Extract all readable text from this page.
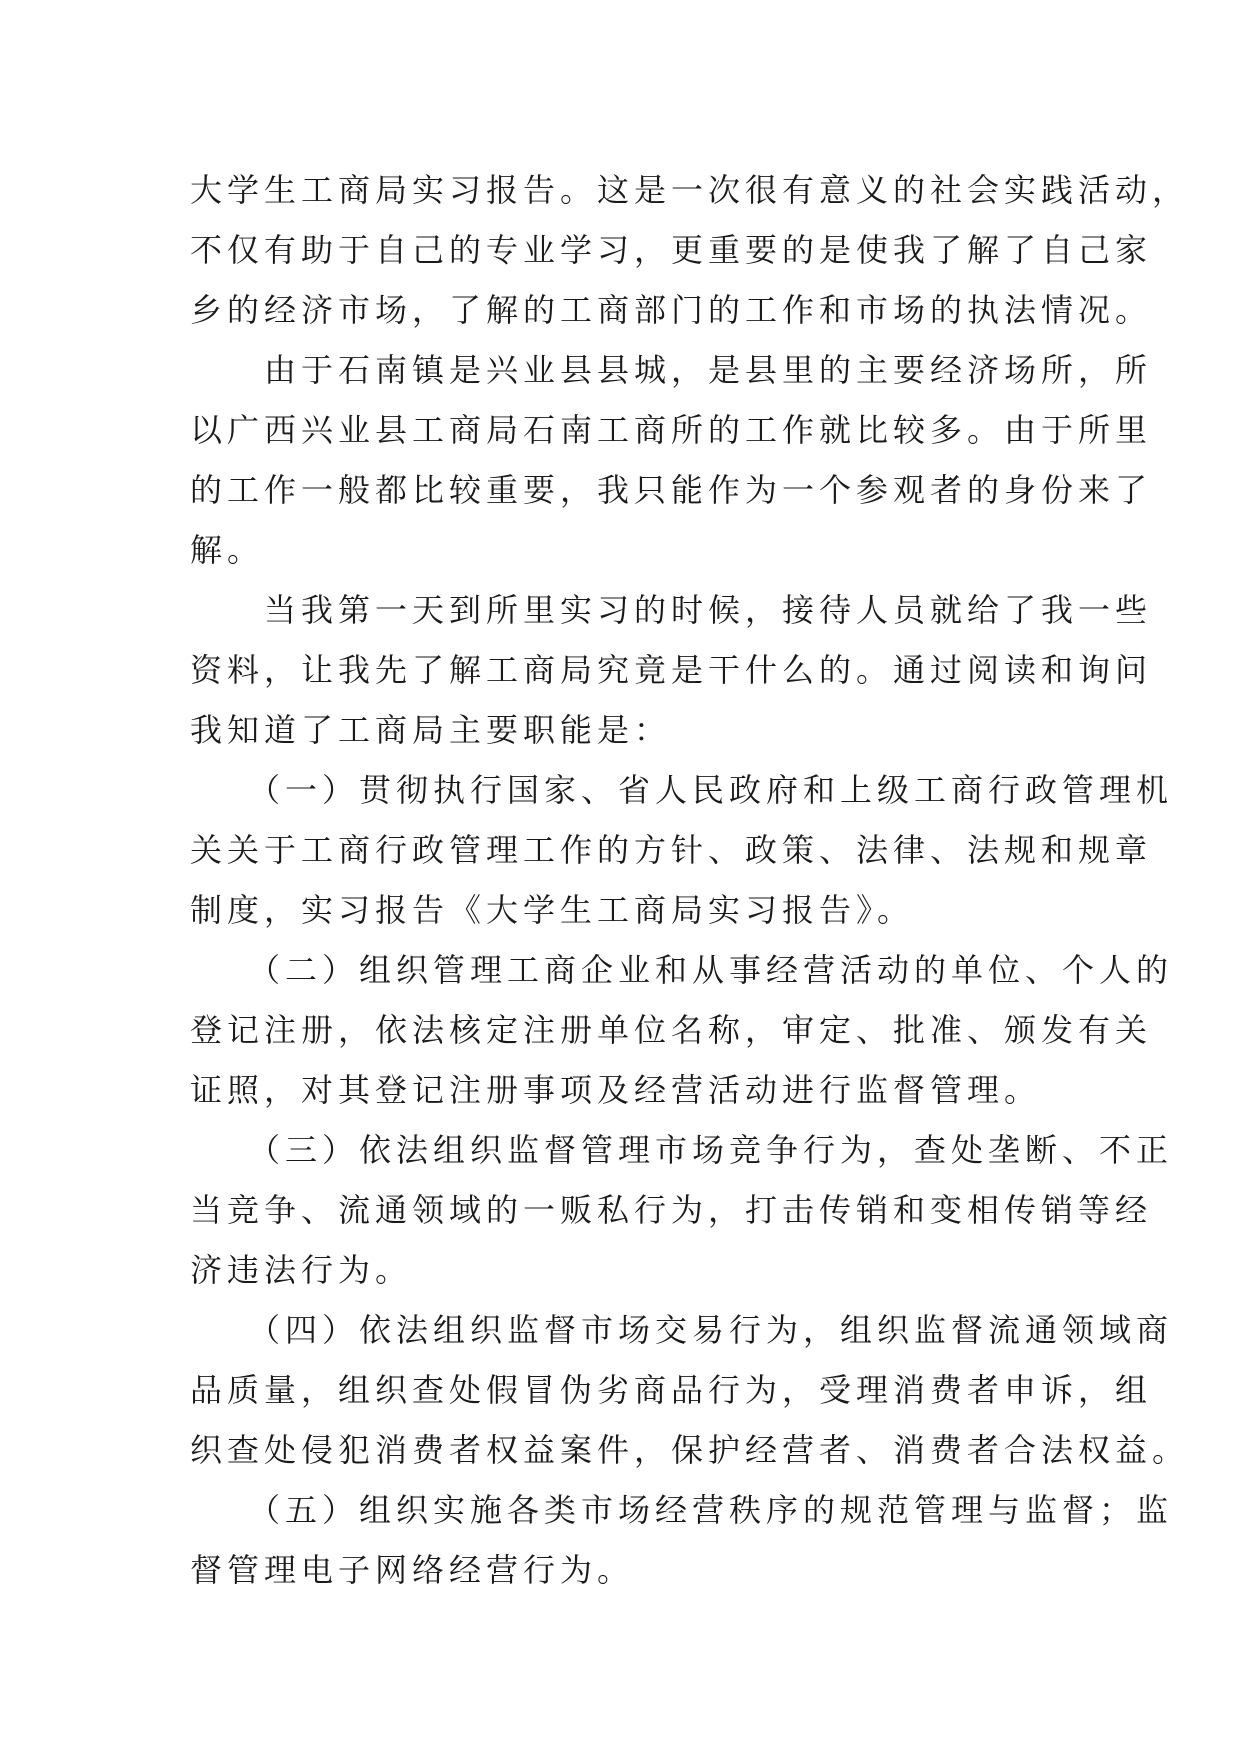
大学生工商局实习报告。这是一次很有意义的社会实践活动，
不仅有助于自己的专业学习，更重要的是使我了解了自己家
乡的经济市场，了解的工商部门的工作和市场的执法情况。
　　由于石南镇是兴业县县城，是县里的主要经济场所，所
以广西兴业县工商局石南工商所的工作就比较多。由于所里
的工作一般都比较重要，我只能作为一个参观者的身份来了
解。
　　当我第一天到所里实习的时候，接待人员就给了我一些
资料，让我先了解工商局究竟是干什么的。通过阅读和询问
我知道了工商局主要职能是：
　　（一）贯彻执行国家、省人民政府和上级工商行政管理机
关关于工商行政管理工作的方针、政策、法律、法规和规章
制度，实习报告《大学生工商局实习报告》。
　　（二）组织管理工商企业和从事经营活动的单位、个人的
登记注册，依法核定注册单位名称，审定、批准、颁发有关
证照，对其登记注册事项及经营活动进行监督管理。
　　（三）依法组织监督管理市场竞争行为，查处垄断、不正
当竞争、流通领域的一贩私行为，打击传销和变相传销等经
济违法行为。
　　（四）依法组织监督市场交易行为，组织监督流通领域商
品质量，组织查处假冒伪劣商品行为，受理消费者申诉，组
织查处侵犯消费者权益案件，保护经营者、消费者合法权益。
　　（五）组织实施各类市场经营秩序的规范管理与监督；监
督管理电子网络经营行为。
